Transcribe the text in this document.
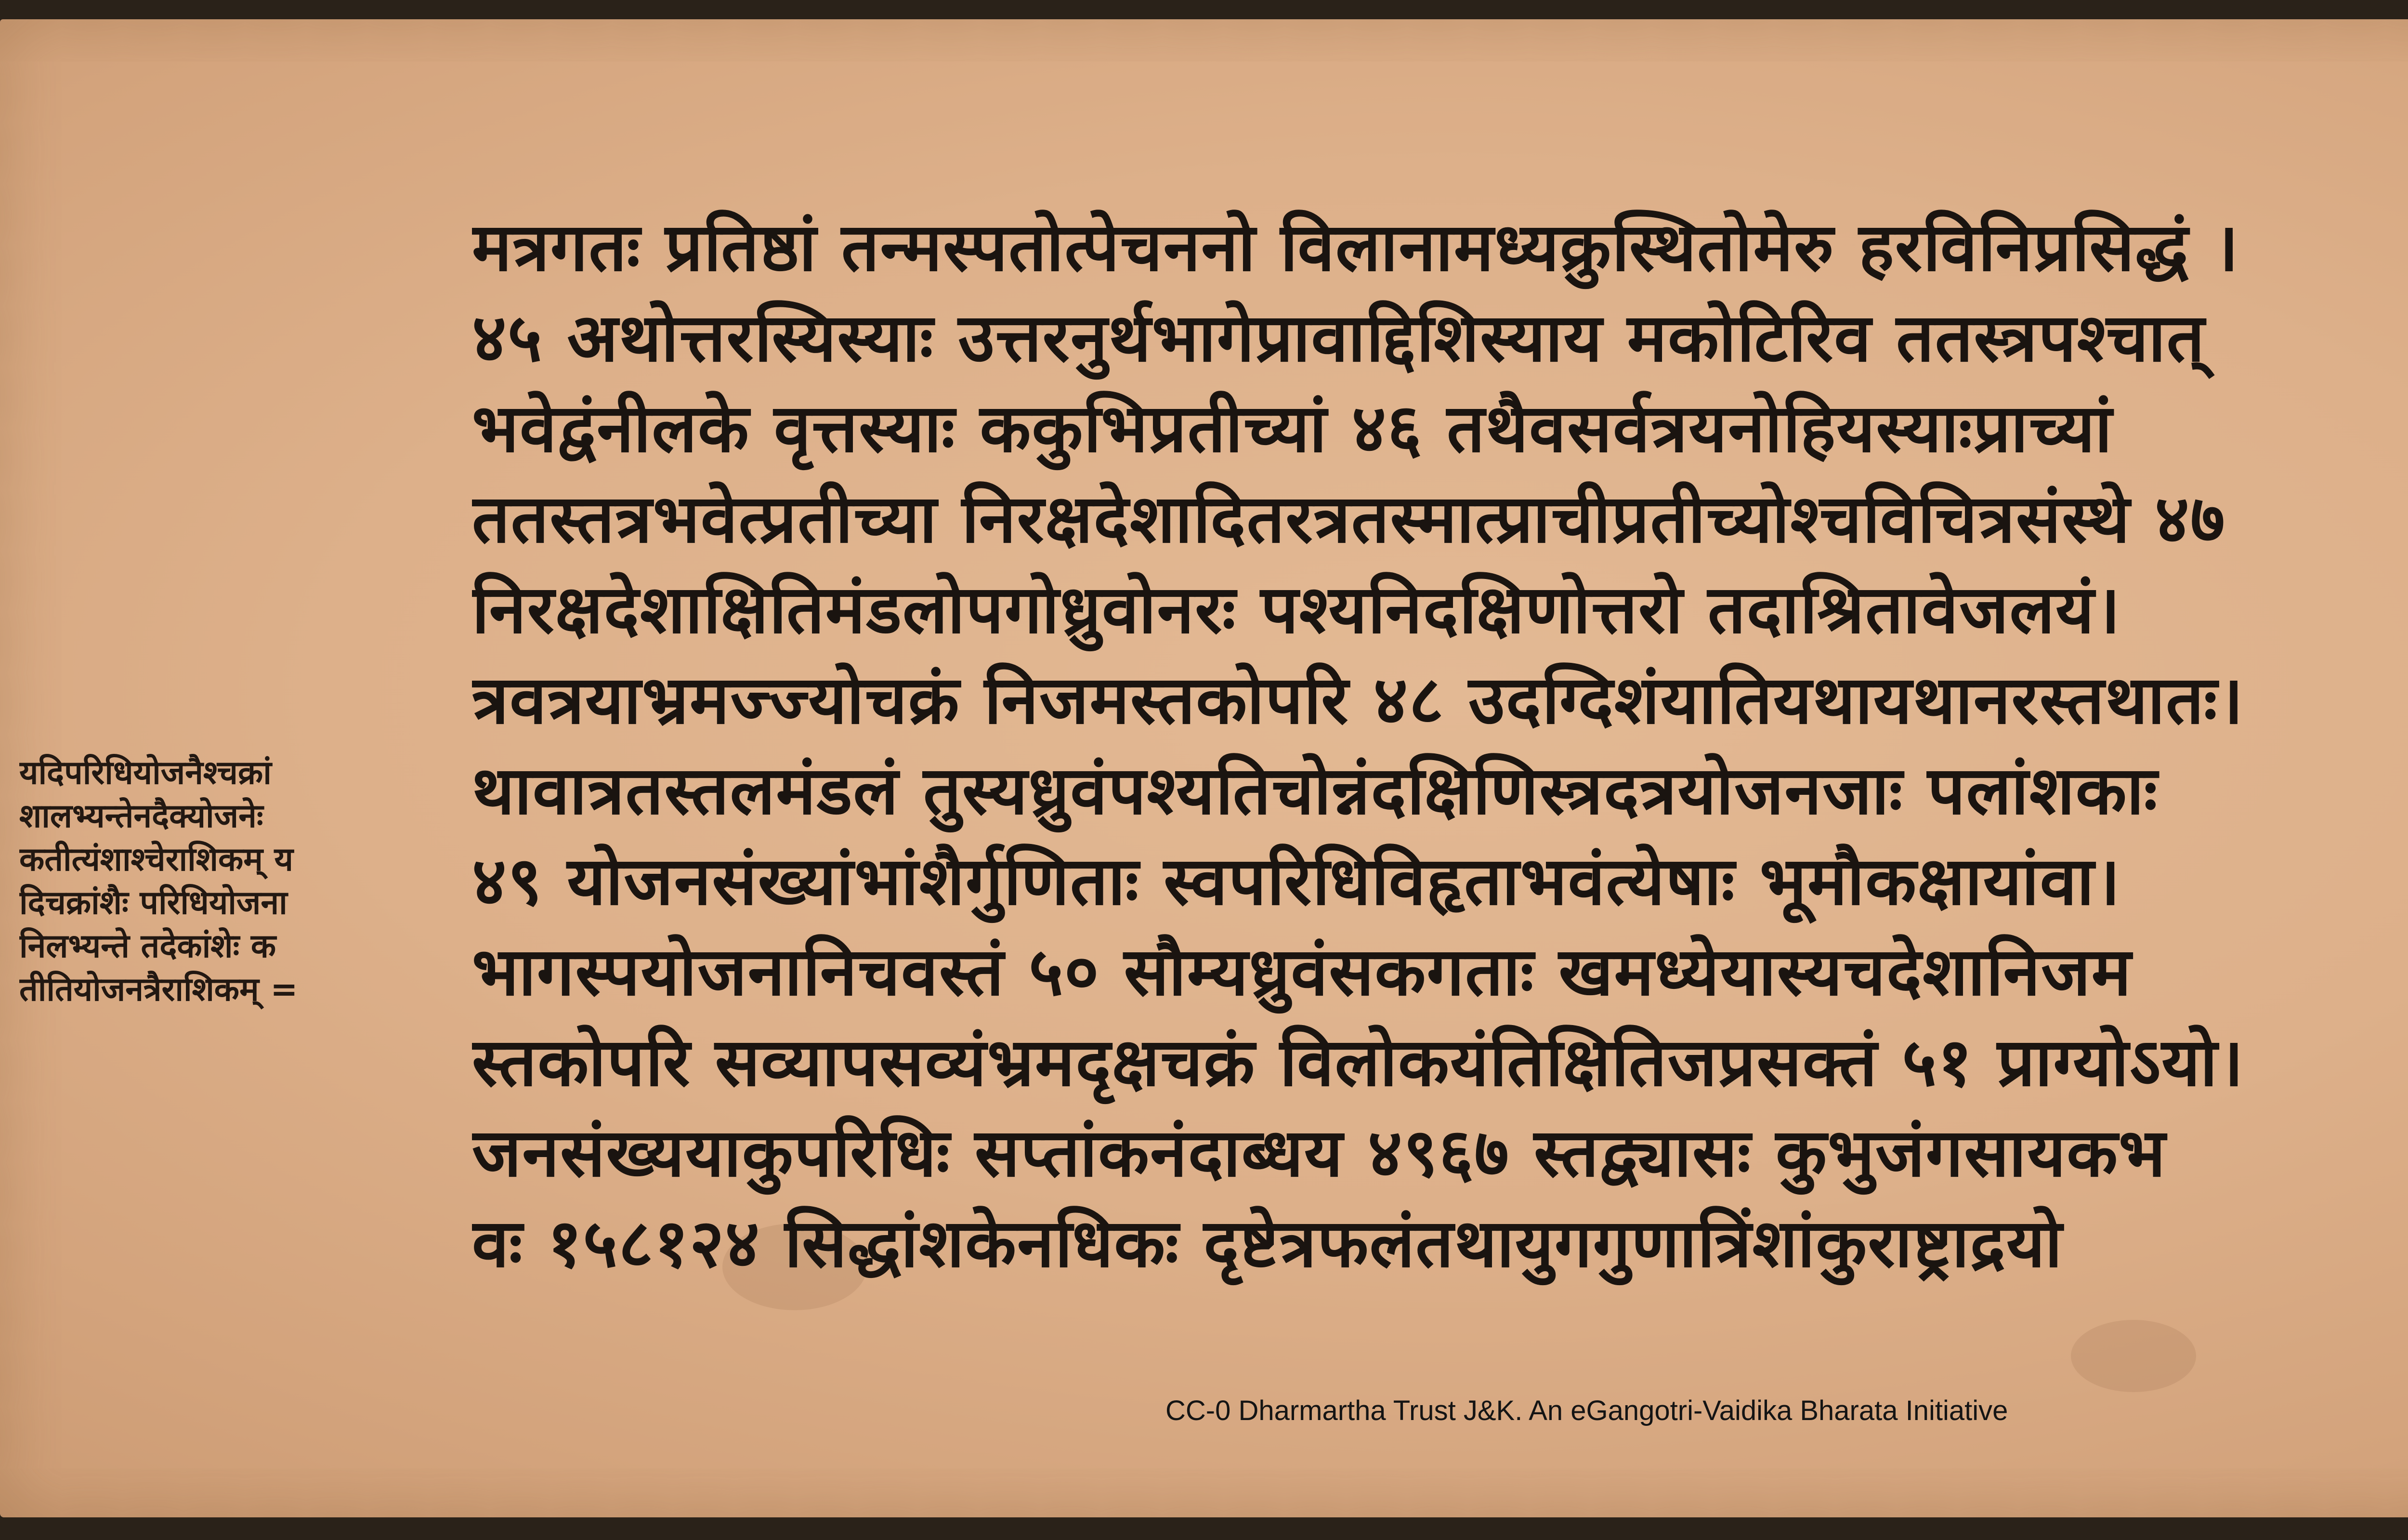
मत्रगतः प्रतिष्ठां तन्मस्पतोत्पेचननो विलानामध्यक्रुस्थितोमेरु हरविनिप्रसिद्धं ।
४५ अथोत्तरस्यिस्याः उत्तरनुर्थभागेप्रावाद्दिशिस्याय मकोटिरिव ततस्त्रपश्चात्
भवेद्वंनीलके वृत्तस्याः ककुभिप्रतीच्यां ४६ तथैवसर्वत्रयनोहियस्याःप्राच्यां
ततस्तत्रभवेत्प्रतीच्या निरक्षदेशादितरत्रतस्मात्प्राचीप्रतीच्योश्चविचित्रसंस्थे ४७
निरक्षदेशाक्षितिमंडलोपगोध्रुवोनरः पश्यनिदक्षिणोत्तरो तदाश्रितावेजलयं।
त्रवत्रयाभ्रमज्ज्योचक्रं निजमस्तकोपरि ४८ उदग्दिशंयातियथायथानरस्तथातः।
थावात्रतस्तलमंडलं तुस्यध्रुवंपश्यतिचोन्नंदक्षिणिस्त्रदत्रयोजनजाः पलांशकाः
४९ योजनसंख्यांभांशैर्गुणिताः स्वपरिधिविहृताभवंत्येषाः भूमौकक्षायांवा।
भागस्पयोजनानिचवस्तं ५० सौम्यध्रुवंसकगताः खमध्येयास्यचदेशानिजम
स्तकोपरि सव्यापसव्यंभ्रमदृक्षचक्रं विलोकयंतिक्षितिजप्रसक्तं ५१ प्राग्योऽयो।
जनसंख्ययाकुपरिधिः सप्तांकनंदाब्धय ४९६७ स्तद्व्यासः कुभुजंगसायकभ
वः १५८१२४ सिद्धांशकेनधिकः दृष्टेत्रफलंतथायुगगुणात्रिंशांकुराष्ट्राद्रयो
यदिपरिधियोजनैश्चक्रां
शालभ्यन्तेनदैक्योजनेः
कतीत्यंशाश्चेराशिकम् य
दिचक्रांशैः परिधियोजना
निलभ्यन्ते तदेकांशेः क
तीतियोजनत्रैराशिकम् =
CC-0 Dharmartha Trust J&K. An eGangotri-Vaidika Bharata Initiative
